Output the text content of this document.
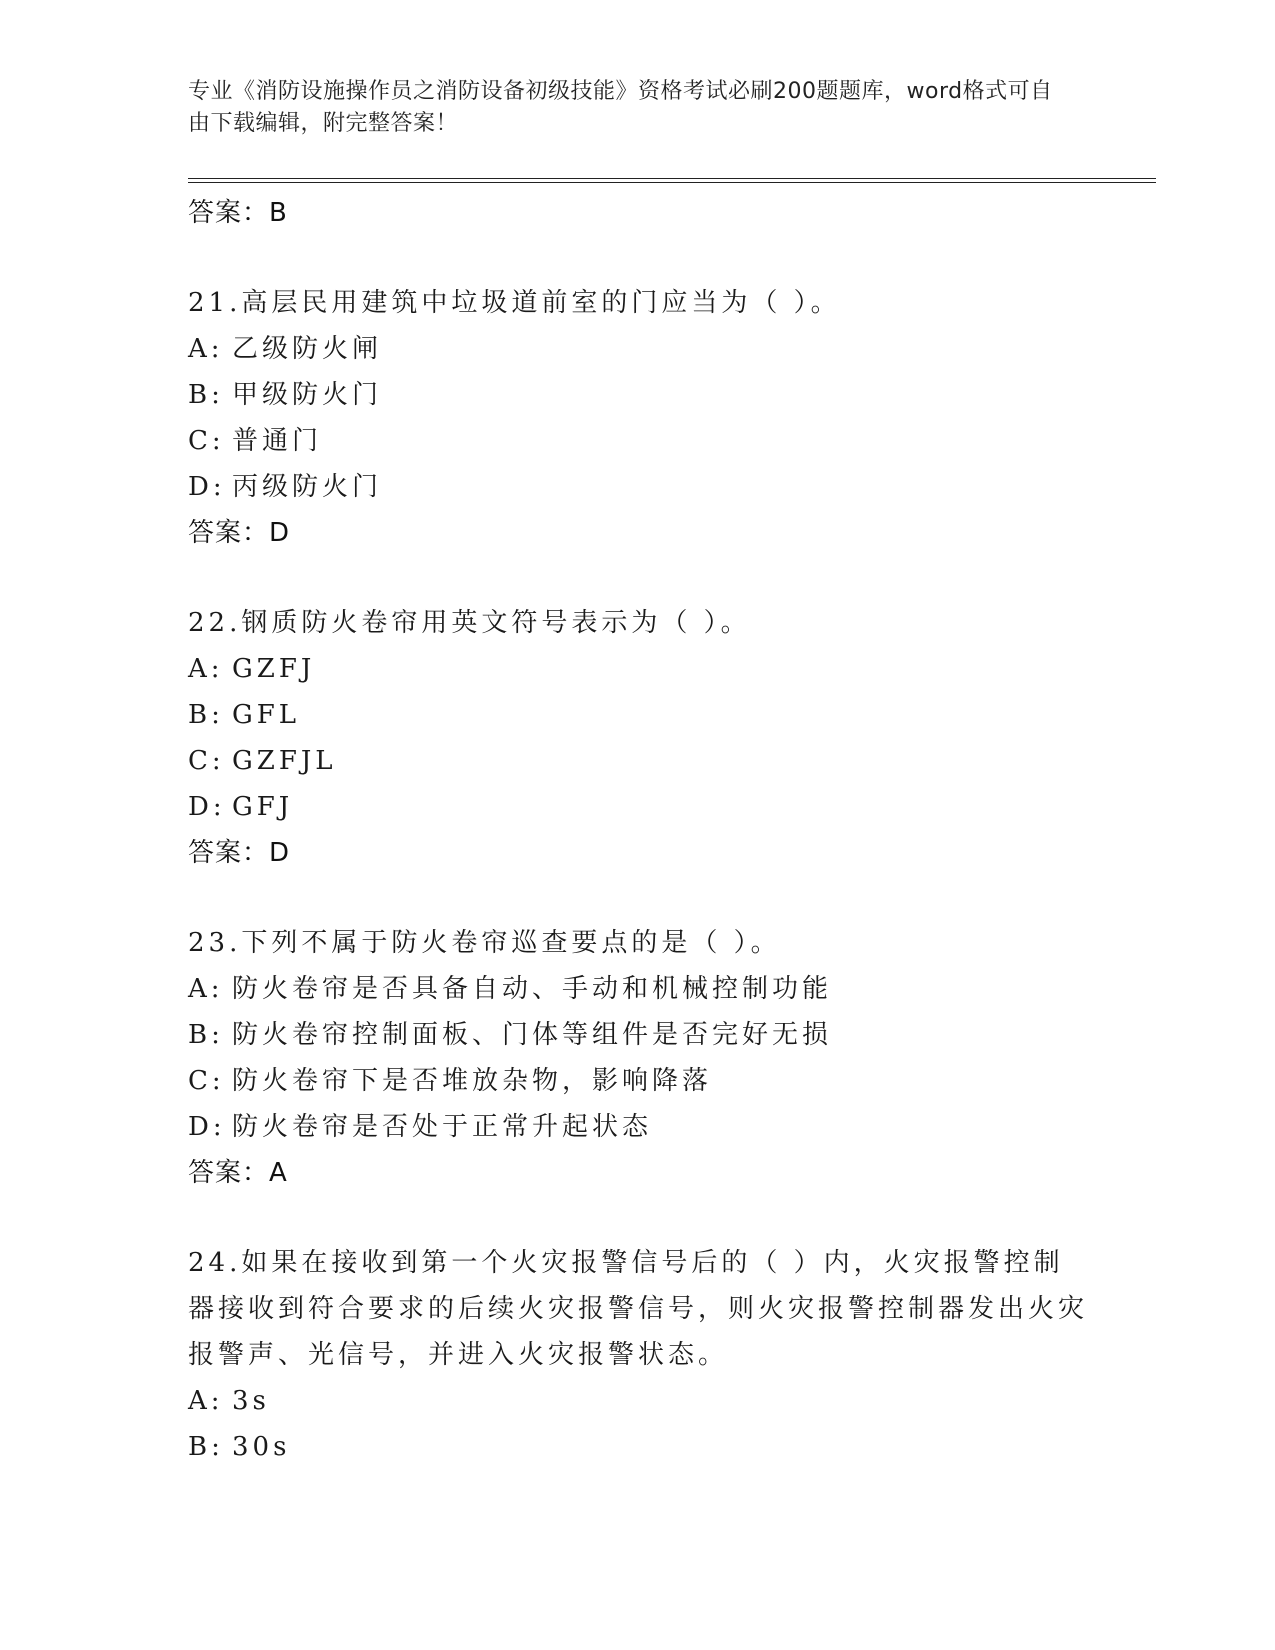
专业《消防设施操作员之消防设备初级技能》资格考试必刷200题题库，word格式可自由下载编辑，附完整答案！
答案：B
21.高层民用建筑中垃圾道前室的门应当为（ ）。
A: 乙级防火闸
B: 甲级防火门
C: 普通门
D: 丙级防火门
答案：D
22.钢质防火卷帘用英文符号表示为（ ）。
A: GZFJ
B: GFL
C: GZFJL
D: GFJ
答案：D
23.下列不属于防火卷帘巡查要点的是（ ）。
A: 防火卷帘是否具备自动、手动和机械控制功能
B: 防火卷帘控制面板、门体等组件是否完好无损
C: 防火卷帘下是否堆放杂物，影响降落
D: 防火卷帘是否处于正常升起状态
答案：A
24.如果在接收到第一个火灾报警信号后的（ ）内，火灾报警控制器接收到符合要求的后续火灾报警信号，则火灾报警控制器发出火灾报警声、光信号，并进入火灾报警状态。
A: 3s
B: 30s
